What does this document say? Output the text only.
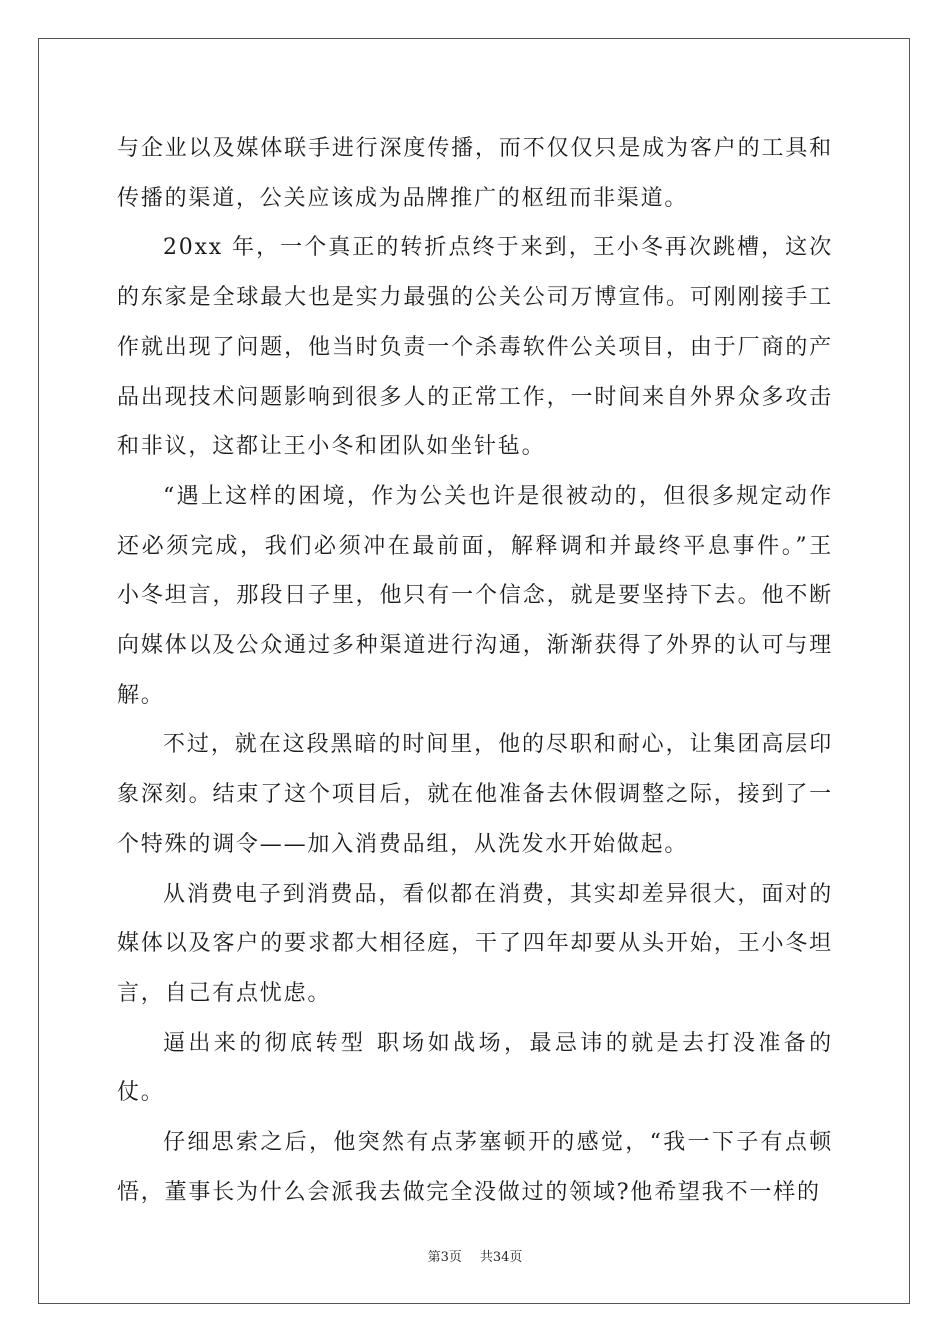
与企业以及媒体联手进行深度传播，而不仅仅只是成为客户的工具和传播的渠道，公关应该成为品牌推广的枢纽而非渠道。

20xx 年，一个真正的转折点终于来到，王小冬再次跳槽，这次的东家是全球最大也是实力最强的公关公司万博宣伟。可刚刚接手工作就出现了问题，他当时负责一个杀毒软件公关项目，由于厂商的产品出现技术问题影响到很多人的正常工作，一时间来自外界众多攻击和非议，这都让王小冬和团队如坐针毡。

“遇上这样的困境，作为公关也许是很被动的，但很多规定动作还必须完成，我们必须冲在最前面，解释调和并最终平息事件。”王小冬坦言，那段日子里，他只有一个信念，就是要坚持下去。他不断向媒体以及公众通过多种渠道进行沟通，渐渐获得了外界的认可与理解。

不过，就在这段黑暗的时间里，他的尽职和耐心，让集团高层印象深刻。结束了这个项目后，就在他准备去休假调整之际，接到了一个特殊的调令——加入消费品组，从洗发水开始做起。

从消费电子到消费品，看似都在消费，其实却差异很大，面对的媒体以及客户的要求都大相径庭，干了四年却要从头开始，王小冬坦言，自己有点忧虑。

逼出来的彻底转型 职场如战场，最忌讳的就是去打没准备的仗。

仔细思索之后，他突然有点茅塞顿开的感觉，“我一下子有点顿悟，董事长为什么会派我去做完全没做过的领域?他希望我不一样的

第3页 共34页
